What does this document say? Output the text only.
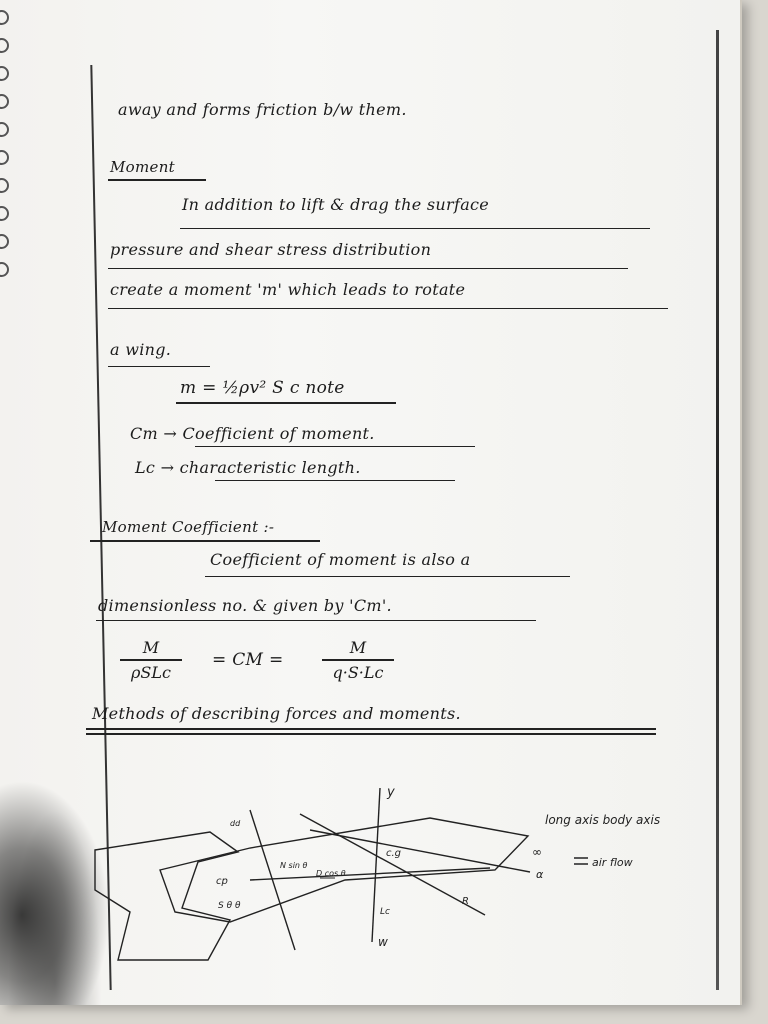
away and forms friction b/w them.

Moment

In addition to lift & drag the surface

pressure and shear stress distribution

create a moment 'm' which leads to rotate

a wing.

m = ½ρv² S c note

Cm → Coefficient of moment.

Lc → characteristic length.

Moment Coefficient :-

Coefficient of moment is also a

dimensionless no. & given by 'Cm'.

M
ρSLc

= CM =

M
q·S·Lc

Methods of describing forces and moments.

y
w
long axis body axis
air flow
∞
α
c.g
cp
N sin θ
D cos θ
S θ θ	R
Lc
dd
